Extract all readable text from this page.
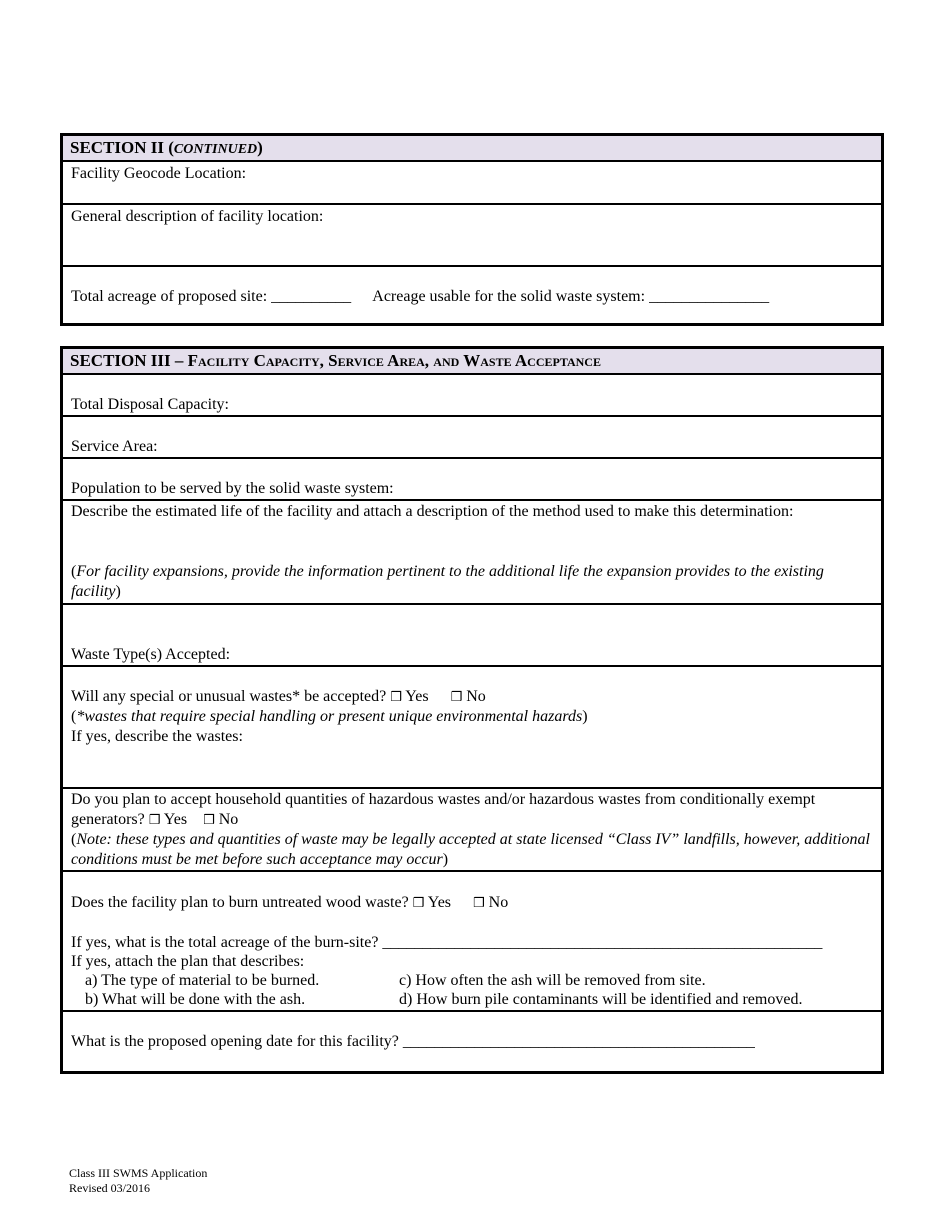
SECTION II (CONTINUED)
Facility Geocode Location:
General description of facility location:
Total acreage of proposed site: __________ Acreage usable for the solid waste system: _______________
SECTION III – Facility Capacity, Service Area, and Waste Acceptance
Total Disposal Capacity:
Service Area:
Population to be served by the solid waste system:
Describe the estimated life of the facility and attach a description of the method used to make this determination:
(For facility expansions, provide the information pertinent to the additional life the expansion provides to the existing facility)
Waste Type(s) Accepted:
Will any special or unusual wastes* be accepted? ❒ Yes ❒ No
(*wastes that require special handling or present unique environmental hazards)
If yes, describe the wastes:
Do you plan to accept household quantities of hazardous wastes and/or hazardous wastes from conditionally exempt generators? ❒ Yes ❒ No
(Note: these types and quantities of waste may be legally accepted at state licensed “Class IV” landfills, however, additional conditions must be met before such acceptance may occur)
Does the facility plan to burn untreated wood waste? ❒ Yes ❒ No
If yes, what is the total acreage of the burn-site? _______________________________________________________
If yes, attach the plan that describes:
a) The type of material to be burned.	c) How often the ash will be removed from site.
b) What will be done with the ash.	d) How burn pile contaminants will be identified and removed.
What is the proposed opening date for this facility? ____________________________________________
Class III SWMS Application
Revised 03/2016
